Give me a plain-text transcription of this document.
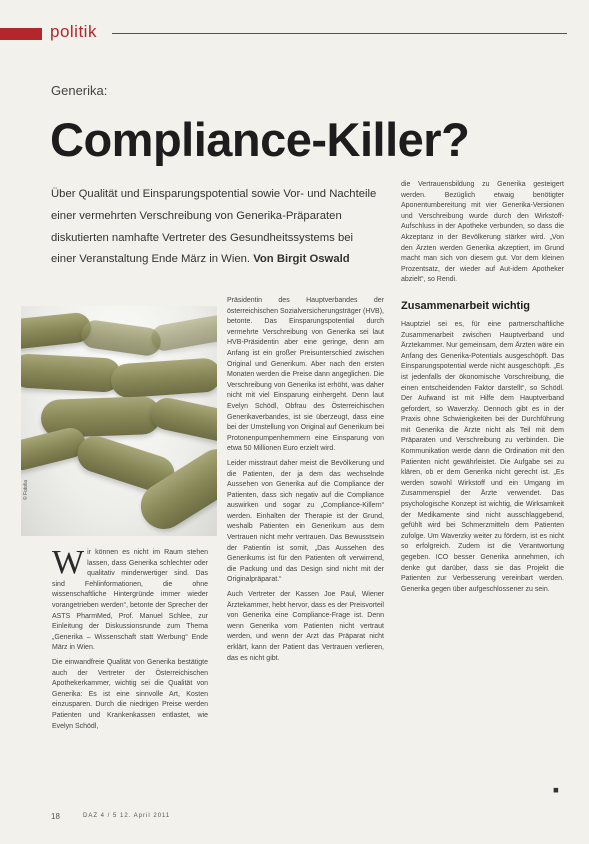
politik
Generika:
Compliance-Killer?
Über Qualität und Einsparungspotential sowie Vor- und Nachteile einer vermehrten Verschreibung von Generika-Präparaten diskutierten namhafte Vertreter des Gesundheitssystems bei einer Veranstaltung Ende März in Wien. Von Birgit Oswald
© Fotolia

W ir können es nicht im Raum stehen lassen, dass Generika schlechter oder qualitativ minderwertiger sind. Das sind Fehlinformationen, die ohne wissenschaftliche Hintergründe immer wieder vorangetrieben werden“, betonte der Sprecher der ASTS PharmMed, Prof. Manuel Schlee, zur Einleitung der Diskussionsrunde zum Thema „Generika – Wissenschaft statt Werbung“ Ende März in Wien.

Die einwandfreie Qualität von Generika bestätigte auch der Vertreter der Österreichischen Apothekerkammer, wichtig sei die Qualität von Generika: Es ist eine sinnvolle Art, Kosten einzusparen. Durch die niedrigen Preise werden Patienten und Krankenkassen entlastet, wie Evelyn Schödl,

Präsidentin des Hauptverbandes der österreichischen Sozialversicherungsträger (HVB), betonte. Das Einsparungspotential durch vermehrte Verschreibung von Generika sei laut HVB-Präsidentin aber eine geringe, denn am Anfang ist ein großer Preisunterschied zwischen Original und Generikum. Aber nach den ersten Monaten werden die Preise dann angeglichen. Die Verschreibung von Generika ist erhöht, was daher nicht mit viel Einsparung einhergeht. Denn laut Evelyn Schödl, Obfrau des Österreichischen Generikaverbandes, ist sie überzeugt, dass eine bei der Umstellung von Original auf Generikum bei Protonenpumpenhemmern eine Einsparung von etwa 50 Millionen Euro erzielt wird.

Leider misstraut daher meist die Bevölkerung und die Patienten, der ja dem das wechselnde Aussehen von Generika auf die Compliance der Patienten, dass sich negativ auf die Compliance auswirken und sogar zu „Compliance-Killern“ werden. Einhalten der Therapie ist der Grund, weshalb Patienten ein Generikum aus dem Vertrauen nicht mehr vertrauen. Das Bewusstsein der Patientin ist somit, „Das Aussehen des Generikums ist für den Patienten oft verwirrend, die Packung und das Design sind nicht mit der Originalpräparat.“

Auch Vertreter der Kassen Joe Paul, Wiener Ärztekammer, hebt hervor, dass es der Preisvorteil von Generika eine Compliance-Frage ist. Denn wenn Generika vom Patienten nicht vertraut werden, und wenn der Arzt das Präparat nicht erklärt, kann der Patient das Vertrauen verlieren, das es nicht gibt.

die Vertrauensbildung zu Generika gesteigert werden. Bezüglich etwaig benötigter Aponentumbereitung mit vier Generika-Versionen und Verschreibung wurde durch den Wirkstoff-Aufschluss in der Apotheke verbunden, so dass die Akzeptanz in der Bevölkerung stärker wird. „Von den Ärzten werden Generika akzeptiert, im Grund macht man sich von diesem gut. Vor dem kleinen Prozentsatz, der wieder auf Aut-idem Apotheker abzielt“, so Rendi.

Zusammenarbeit wichtig

Hauptziel sei es, für eine partnerschaftliche Zusammenarbeit zwischen Hauptverband und Ärztekammer. Nur gemeinsam, dem Ärzten wäre ein Anfang des Generika-Potentials ausgeschöpft. Das Einsparungspotential werde nicht ausgeschöpft. „Es ist jedenfalls der ökonomische Vorschreibung, die einen entscheidenden Faktor darstellt“, so Schödl. Der Aufwand ist mit Hilfe dem Hauptverband gefordert, so Waverzky. Dennoch gibt es in der Praxis ohne Schwierigkeiten bei der Durchführung mit Generika die Ärzte nicht als Teil mit dem Präparaten und Verschreibung zu verbinden. Die Kommunikation werde dann die Ordination mit den Patienten nicht gewährleistet. Die Aufgabe sei zu klären, ob er dem Generika nicht gerecht ist. „Es werden sowohl Wirkstoff und ein Umgang im Zusammenspiel der Ärzte verwendet. Das psychologische Konzept ist wichtig, die Wirksamkeit der Medikamente sind nicht ausschlaggebend, gefühlt wird bei Schmerzmitteln dem Patienten zufolge. Um Waverzky weiter zu fördern, ist es nicht so erfolgreich. Zudem ist die Verantwortung gegeben. ICO besser Generika annehmen, ich denke gut darüber, dass sie das Projekt die Patienten zur Verbesserung vereinbart werden. Generika gegen über aufgeschlossener zu sein.

◼
18	DAZ 4 / 5 12. April 2011
